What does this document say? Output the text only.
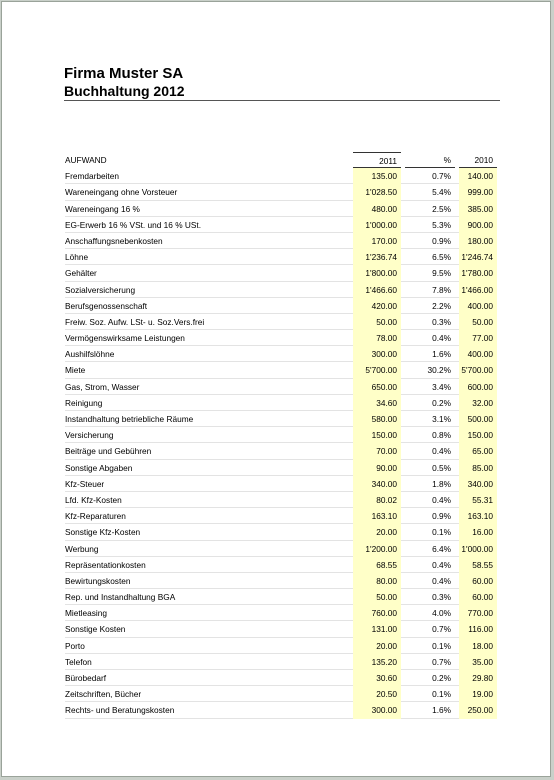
Firma Muster SA
Buchhaltung 2012
AUFWAND	2011	%	2010
Fremdarbeiten	135.00	0.7%	140.00
Wareneingang ohne Vorsteuer	1'028.50	5.4%	999.00
Wareneingang 16 %	480.00	2.5%	385.00
EG-Erwerb 16 % VSt. und 16 % USt.	1'000.00	5.3%	900.00
Anschaffungsnebenkosten	170.00	0.9%	180.00
Löhne	1'236.74	6.5%	1'246.74
Gehälter	1'800.00	9.5%	1'780.00
Sozialversicherung	1'466.60	7.8%	1'466.00
Berufsgenossenschaft	420.00	2.2%	400.00
Freiw. Soz. Aufw. LSt- u. Soz.Vers.frei	50.00	0.3%	50.00
Vermögenswirksame Leistungen	78.00	0.4%	77.00
Aushilfslöhne	300.00	1.6%	400.00
Miete	5'700.00	30.2%	5'700.00
Gas, Strom, Wasser	650.00	3.4%	600.00
Reinigung	34.60	0.2%	32.00
Instandhaltung betriebliche Räume	580.00	3.1%	500.00
Versicherung	150.00	0.8%	150.00
Beiträge und Gebühren	70.00	0.4%	65.00
Sonstige Abgaben	90.00	0.5%	85.00
Kfz-Steuer	340.00	1.8%	340.00
Lfd. Kfz-Kosten	80.02	0.4%	55.31
Kfz-Reparaturen	163.10	0.9%	163.10
Sonstige Kfz-Kosten	20.00	0.1%	16.00
Werbung	1'200.00	6.4%	1'000.00
Repräsentationkosten	68.55	0.4%	58.55
Bewirtungskosten	80.00	0.4%	60.00
Rep. und Instandhaltung BGA	50.00	0.3%	60.00
Mietleasing	760.00	4.0%	770.00
Sonstige Kosten	131.00	0.7%	116.00
Porto	20.00	0.1%	18.00
Telefon	135.20	0.7%	35.00
Bürobedarf	30.60	0.2%	29.80
Zeitschriften, Bücher	20.50	0.1%	19.00
Rechts- und Beratungskosten	300.00	1.6%	250.00
